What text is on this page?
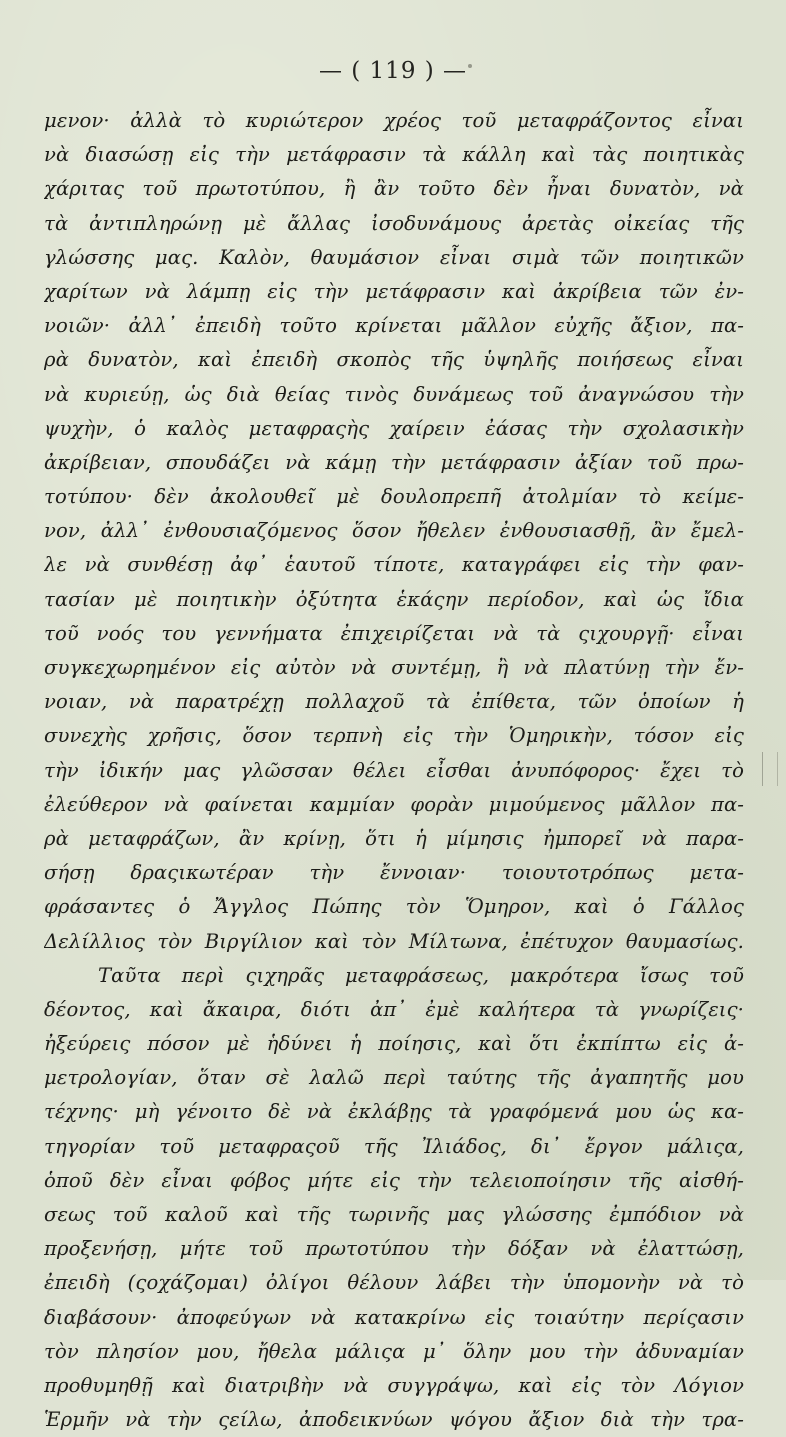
— ( 119 ) —
μενον· ἀλλὰ τὸ κυριώτερον χρέος τοῦ μεταφράζοντος εἶναι
νὰ διασώσῃ εἰς τὴν μετάφρασιν τὰ κάλλη καὶ τὰς ποιητικὰς
χάριτας τοῦ πρωτοτύπου, ἢ ἂν τοῦτο δὲν ἦναι δυνατὸν, νὰ
τὰ ἀντιπληρώνῃ μὲ ἄλλας ἰσοδυνάμους ἀρετὰς οἰκείας τῆς
γλώσσης μας. Καλὸν, θαυμάσιον εἶναι σιμὰ τῶν ποιητικῶν
χαρίτων νὰ λάμπῃ εἰς τὴν μετάφρασιν καὶ ἀκρίβεια τῶν ἐν-
νοιῶν· ἀλλ᾽ ἐπειδὴ τοῦτο κρίνεται μᾶλλον εὐχῆς ἄξιον, πα-
ρὰ δυνατὸν, καὶ ἐπειδὴ σκοπὸς τῆς ὑψηλῆς ποιήσεως εἶναι
νὰ κυριεύῃ, ὡς διὰ θείας τινὸς δυνάμεως τοῦ ἀναγνώσου τὴν
ψυχὴν, ὁ καλὸς μεταφραςὴς χαίρειν ἐάσας τὴν σχολασικὴν
ἀκρίβειαν, σπουδάζει νὰ κάμῃ τὴν μετάφρασιν ἀξίαν τοῦ πρω-
τοτύπου· δὲν ἀκολουθεῖ μὲ δουλοπρεπῆ ἀτολμίαν τὸ κείμε-
νον, ἀλλ᾽ ἐνθουσιαζόμενος ὅσον ἤθελεν ἐνθουσιασθῇ, ἂν ἔμελ-
λε νὰ συνθέσῃ ἀφ᾽ ἑαυτοῦ τίποτε, καταγράφει εἰς τὴν φαν-
τασίαν μὲ ποιητικὴν ὀξύτητα ἑκάςην περίοδον, καὶ ὡς ἴδια
τοῦ νοός του γεννήματα ἐπιχειρίζεται νὰ τὰ ςιχουργῇ· εἶναι
συγκεχωρημένον εἰς αὐτὸν νὰ συντέμῃ, ἢ νὰ πλατύνῃ τὴν ἔν-
νοιαν, νὰ παρατρέχῃ πολλαχοῦ τὰ ἐπίθετα, τῶν ὁποίων ἡ
συνεχὴς χρῆσις, ὅσον τερπνὴ εἰς τὴν Ὁμηρικὴν, τόσον εἰς
τὴν ἰδικήν μας γλῶσσαν θέλει εἶσθαι ἀνυπόφορος· ἔχει τὸ
ἐλεύθερον νὰ φαίνεται καμμίαν φορὰν μιμούμενος μᾶλλον πα-
ρὰ μεταφράζων, ἂν κρίνῃ, ὅτι ἡ μίμησις ἠμπορεῖ νὰ παρα-
σήσῃ δραςικωτέραν τὴν ἔννοιαν· τοιουτοτρόπως μετα-
φράσαντες ὁ Ἄγγλος Πώπης τὸν Ὅμηρον, καὶ ὁ Γάλλος
Δελίλλιος τὸν Βιργίλιον καὶ τὸν Μίλτωνα, ἐπέτυχον θαυμασίως.
Ταῦτα περὶ ςιχηρᾶς μεταφράσεως, μακρότερα ἴσως τοῦ
δέοντος, καὶ ἄκαιρα, διότι ἀπ᾽ ἐμὲ καλήτερα τὰ γνωρίζεις·
ἠξεύρεις πόσον μὲ ἡδύνει ἡ ποίησις, καὶ ὅτι ἐκπίπτω εἰς ἀ-
μετρολογίαν, ὅταν σὲ λαλῶ περὶ ταύτης τῆς ἀγαπητῆς μου
τέχνης· μὴ γένοιτο δὲ νὰ ἐκλάβῃς τὰ γραφόμενά μου ὡς κα-
τηγορίαν τοῦ μεταφραςοῦ τῆς Ἰλιάδος, δι᾽ ἔργον μάλιςα,
ὁποῦ δὲν εἶναι φόβος μήτε εἰς τὴν τελειοποίησιν τῆς αἰσθή-
σεως τοῦ καλοῦ καὶ τῆς τωρινῆς μας γλώσσης ἐμπόδιον νὰ
προξενήσῃ, μήτε τοῦ πρωτοτύπου τὴν δόξαν νὰ ἐλαττώσῃ,
ἐπειδὴ (ςοχάζομαι) ὀλίγοι θέλουν λάβει τὴν ὑπομονὴν νὰ τὸ
διαβάσουν· ἀποφεύγων νὰ κατακρίνω εἰς τοιαύτην περίςασιν
τὸν πλησίον μου, ἤθελα μάλιςα μ᾽ ὅλην μου τὴν ἀδυναμίαν
προθυμηθῇ καὶ διατριβὴν νὰ συγγράψω, καὶ εἰς τὸν Λόγιον
Ἑρμῆν νὰ τὴν ςείλω, ἀποδεικνύων ψόγου ἄξιον διὰ τὴν τρα-
